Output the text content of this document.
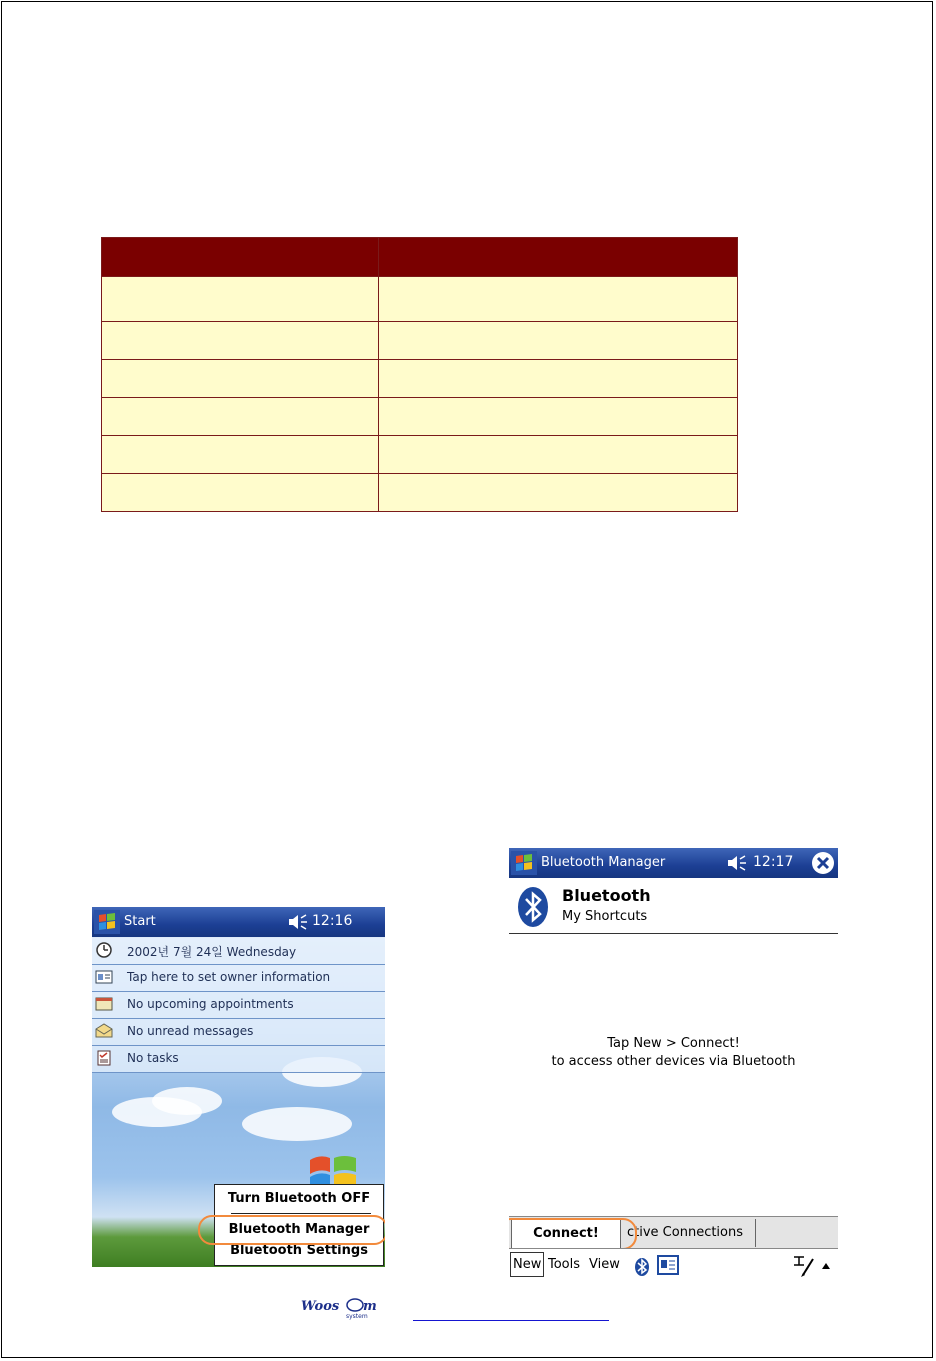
Start	12:16
2002년 7월 24일 Wednesday
Tap here to set owner information
No upcoming appointments
No unread messages
No tasks
Turn Bluetooth OFF
Bluetooth Manager
Bluetooth Settings
Bluetooth Manager	12:17
Bluetooth
My Shortcuts
Tap New > Connect!
to access other devices via Bluetooth
Connect!	ctive Connections
New Tools View
Woos m
system
